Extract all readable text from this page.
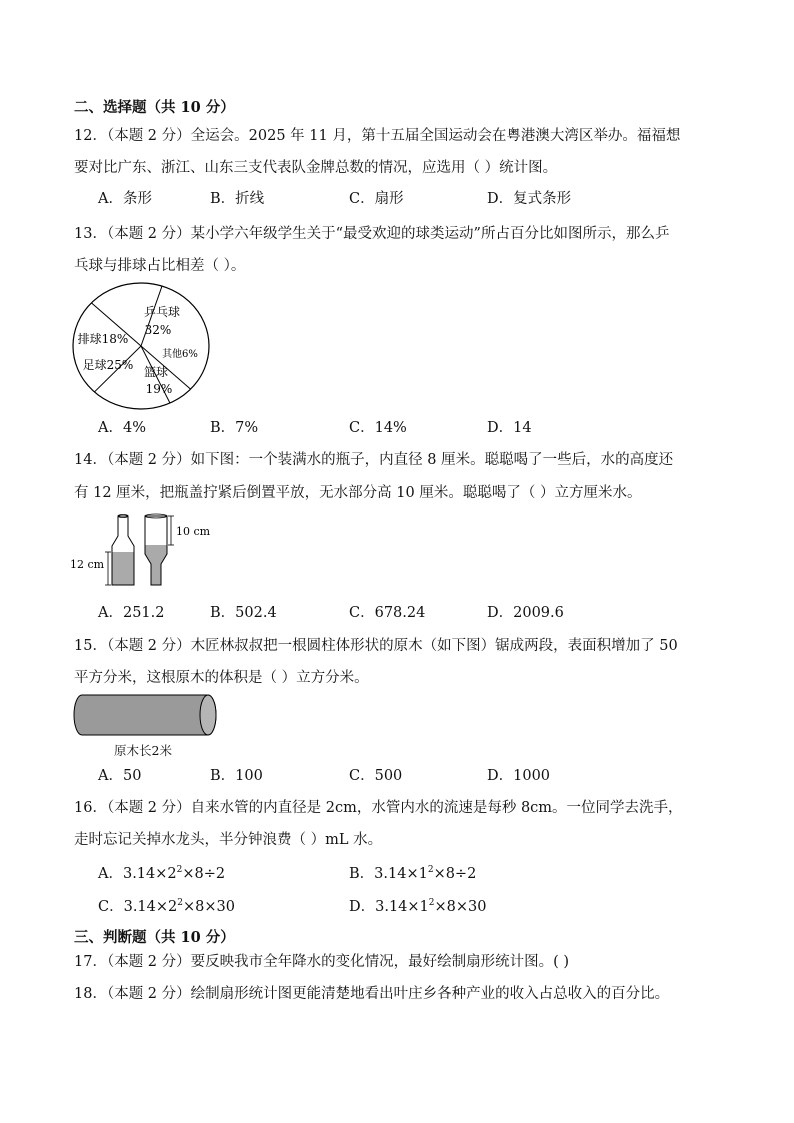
二、选择题（共 10 分）
12．（本题 2 分）全运会。2025 年 11 月，第十五届全国运动会在粤港澳大湾区举办。福福想
要对比广东、浙江、山东三支代表队金牌总数的情况，应选用（ ）统计图。
A．条形	B．折线	C．扇形	D．复式条形
13．（本题 2 分）某小学六年级学生关于“最受欢迎的球类运动”所占百分比如图所示，那么乒
乓球与排球占比相差（ ）。
乒乓球
32%
排球18%
其他6%
足球25% 篮球
19%
A．4%	B．7%	C．14%	D．14
14．（本题 2 分）如下图：一个装满水的瓶子，内直径 8 厘米。聪聪喝了一些后，水的高度还
有 12 厘米，把瓶盖拧紧后倒置平放，无水部分高 10 厘米。聪聪喝了（ ）立方厘米水。
12 cm
10 cm
A．251.2	B．502.4	C．678.24	D．2009.6
15．（本题 2 分）木匠林叔叔把一根圆柱体形状的原木（如下图）锯成两段，表面积增加了 50
平方分米，这根原木的体积是（ ）立方分米。
原木长2米
A．50	B．100	C．500	D．1000
16．（本题 2 分）自来水管的内直径是 2cm，水管内水的流速是每秒 8cm。一位同学去洗手，
走时忘记关掉水龙头，半分钟浪费（ ）mL 水。
A．$3.14\times 2^2\times 8\div 2$	B．$3.14\times 1^2\times 8\div 2$
C．$3.14\times 2^2\times 8\times 30$	D．$3.14\times 1^2\times 8\times 30$
三、判断题（共 10 分）
17．（本题 2 分）要反映我市全年降水的变化情况，最好绘制扇形统计图。( )
18．（本题 2 分）绘制扇形统计图更能清楚地看出叶庄乡各种产业的收入占总收入的百分比。
